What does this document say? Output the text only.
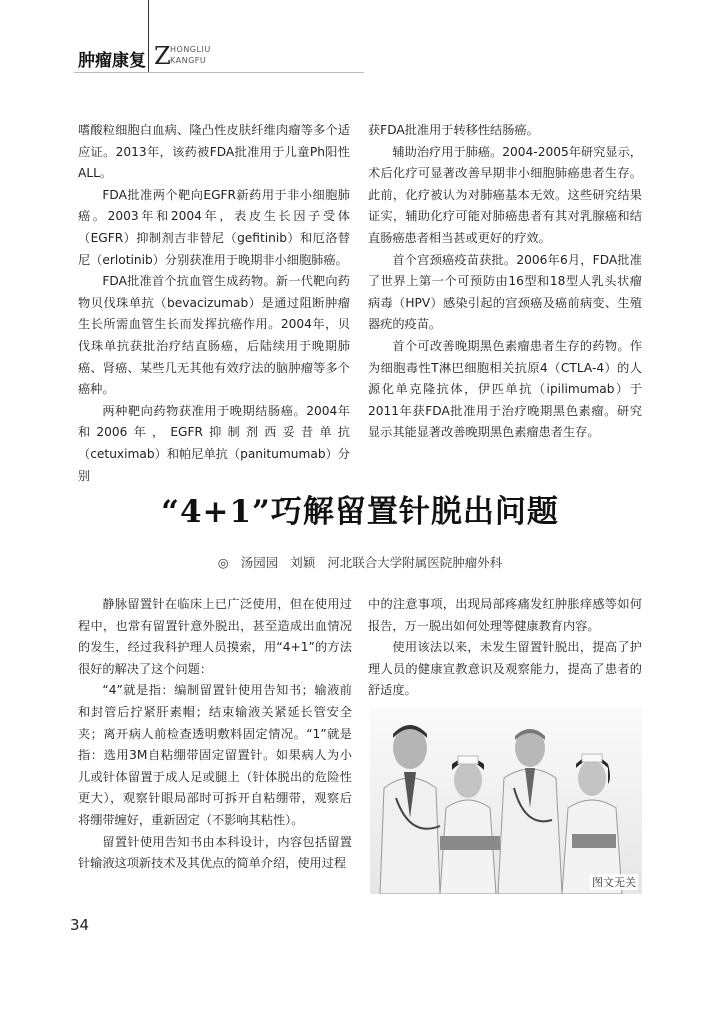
肿瘤康复 Z HONGLIU
KANGFU

嗜酸粒细胞白血病、隆凸性皮肤纤维肉瘤等多个适应证。2013年，该药被FDA批准用于儿童Ph阳性ALL。

FDA批准两个靶向EGFR新药用于非小细胞肺癌。2003年和2004年，表皮生长因子受体（EGFR）抑制剂吉非替尼（gefitinib）和厄洛替尼（erlotinib）分别获准用于晚期非小细胞肺癌。

FDA批准首个抗血管生成药物。新一代靶向药物贝伐珠单抗（bevacizumab）是通过阻断肿瘤生长所需血管生长而发挥抗癌作用。2004年，贝伐珠单抗获批治疗结直肠癌，后陆续用于晚期肺癌、肾癌、某些几无其他有效疗法的脑肿瘤等多个癌种。

两种靶向药物获准用于晚期结肠癌。2004年和2006年，EGFR抑制剂西妥昔单抗（cetuximab）和帕尼单抗（panitumumab）分别

获FDA批准用于转移性结肠癌。

辅助治疗用于肺癌。2004-2005年研究显示，术后化疗可显著改善早期非小细胞肺癌患者生存。此前，化疗被认为对肺癌基本无效。这些研究结果证实，辅助化疗可能对肺癌患者有其对乳腺癌和结直肠癌患者相当甚或更好的疗效。

首个宫颈癌疫苗获批。2006年6月，FDA批准了世界上第一个可预防由16型和18型人乳头状瘤病毒（HPV）感染引起的宫颈癌及癌前病变、生殖器疣的疫苗。

首个可改善晚期黑色素瘤患者生存的药物。作为细胞毒性T淋巴细胞相关抗原4（CTLA-4）的人源化单克隆抗体，伊匹单抗（ipilimumab）于2011年获FDA批准用于治疗晚期黑色素瘤。研究显示其能显著改善晚期黑色素瘤患者生存。

“4+1”巧解留置针脱出问题
◎ 汤园园 刘颖 河北联合大学附属医院肿瘤外科

静脉留置针在临床上已广泛使用，但在使用过程中，也常有留置针意外脱出，甚至造成出血情况的发生，经过我科护理人员摸索，用“4+1”的方法很好的解决了这个问题：

“4”就是指：编制留置针使用告知书；输液前和封管后拧紧肝素帽；结束输液关紧延长管安全夹；离开病人前检查透明敷料固定情况。“1”就是指：选用3M自粘绷带固定留置针。如果病人为小儿或针体留置于成人足或腿上（针体脱出的危险性更大），观察针眼局部时可拆开自粘绷带，观察后将绷带缠好，重新固定（不影响其粘性）。

留置针使用告知书由本科设计，内容包括留置针输液这项新技术及其优点的简单介绍，使用过程

中的注意事项，出现局部疼痛发红肿胀痒感等如何报告，万一脱出如何处理等健康教育内容。

使用该法以来，未发生留置针脱出，提高了护理人员的健康宣教意识及观察能力，提高了患者的舒适度。

图文无关
34
